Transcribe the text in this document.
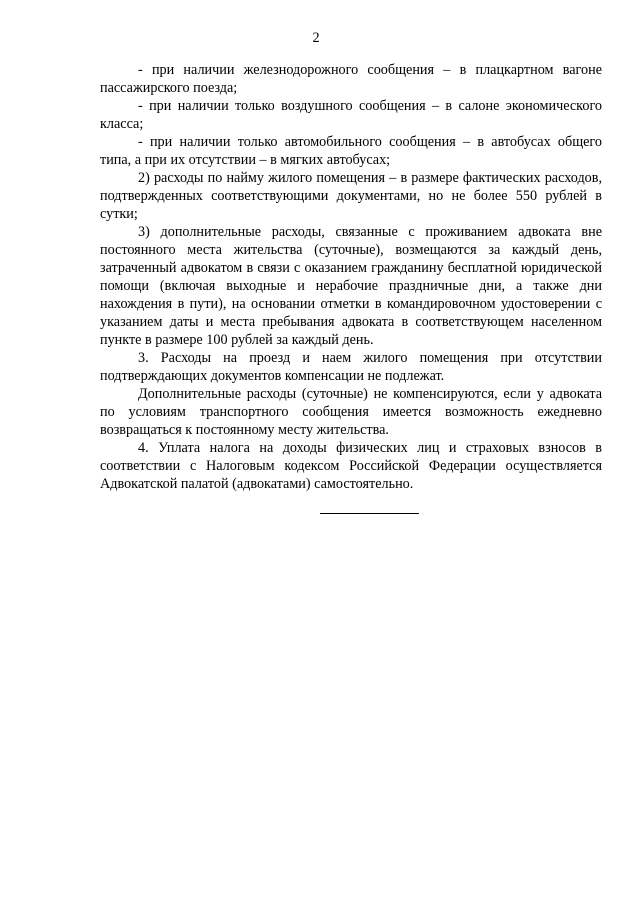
2

- при наличии железнодорожного сообщения – в плацкартном вагоне пассажирского поезда;

- при наличии только воздушного сообщения – в салоне экономического класса;

- при наличии только автомобильного сообщения – в автобусах общего типа, а при их отсутствии – в мягких автобусах;

2) расходы по найму жилого помещения – в размере фактических расходов, подтвержденных соответствующими документами, но не более 550 рублей в сутки;

3) дополнительные расходы, связанные с проживанием адвоката вне постоянного места жительства (суточные), возмещаются за каждый день, затраченный адвокатом в связи с оказанием гражданину бесплатной юридической помощи (включая выходные и нерабочие праздничные дни, а также дни нахождения в пути), на основании отметки в командировочном удостоверении с указанием даты и места пребывания адвоката в соответствующем населенном пункте в размере 100 рублей за каждый день.

3. Расходы на проезд и наем жилого помещения при отсутствии подтверждающих документов компенсации не подлежат.

Дополнительные расходы (суточные) не компенсируются, если у адвоката по условиям транспортного сообщения имеется возможность ежедневно возвращаться к постоянному месту жительства.

4. Уплата налога на доходы физических лиц и страховых взносов в соответствии с Налоговым кодексом Российской Федерации осуществляется Адвокатской палатой (адвокатами) самостоятельно.
